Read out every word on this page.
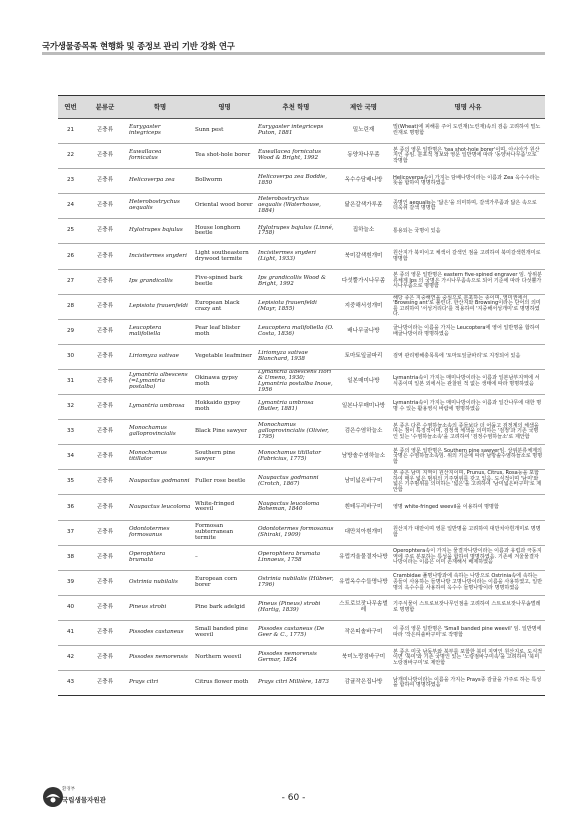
국가생물종목록 현행화 및 종정보 관리 기반 강화 연구
연번	분류군	학명	영명	추천 학명	제안 국명	명명 사유
21	곤충류	Eurygaster integriceps	Sunn pest	Eurygaster integriceps Puton, 1881	밀노린재	밀(Wheat)에 피해를 주어 도린재(노린재)속의 검음 고려하여 밀노린재로 명명함
22	곤충류	Euwallacea fornicatus	Tea shot-hole borer	Euwallacea fornicatus Wood & Bright, 1992	동양차나무좀	본 종의 영문 일반명은 'tea shot-hole borer'이며, 아시아가 원산지인 종임. 분포적 정보와 영문 일반명에 따라 '동양차나무좀'으로 작명함
23	곤충류	Helicoverpa zea	Bollworm	Helicoverpa zea Boddie, 1850	옥수수담배나방	Helicoverpa속이 가지는 담배나방이라는 이름과 Zea 옥수수라는 뜻을 합하여 명명하였음
24	곤충류	Heterobostrychus aequalis	Oriental wood borer	Heterobostrychus aequalis (Waterhouse, 1884)	닮은갈색가루좀	종명인 aequalis는 '닮은'을 의미하며, 갈색가루좀과 닮은 속으로 더욱쉬 갈색 명명함
25	곤충류	Hylotrupes bajulus	House longhorn beetle	Hylotrupes bajulus (Linné, 1758)	집하늘소	통용되는 국명이 있음
26	곤충류	Incisitermes snyderi	Light southeastern drywood termite	Incisitermes snyderi (Light, 1933)	북미갈색흰개미	원산지가 북미이고 체색이 갈색인 점을 고려하여 북미갈색흰개미로 명명함
27	곤충류	Ips grandicollis	Five-spined bark beetle	Ips grandicollis Wood & Bright, 1992	다섯뿔가시나무좀	본 종의 영문 일반명은 eastern five-spined engraver 임. 상위분류체계 Ips 의 국명은 가시나무좀속으로 되어 기준에 따라 다섯뿔가시나무좀으로 명명함
28	곤충류	Lepisiota frauenfeldi	European black crazy ant	Lepisiota frauenfeldi (Mayr, 1855)	지중해서성개미	해당 종은 지중해연을 중심으로 분포하는 종이며, 영미권에서 'Browsing ant'로 불린다. 한산지와 Browsing이라는 단어의 의미를 고려하여 '서성거리다'를 적용하여 '지중해서성개미'로 명명하였다.
29	곤충류	Leucoptera malifoliella	Pear leaf blister moth	Leucoptera malifoliella (O. Costa, 1836)	배나무굴나방	굴나방이라는 이름을 가지는 Leucoptera에 영어 일반명을 합하여 배굴나방이라 명명하였음
30	곤충류	Liriomyza sativae	Vegetable leafminer	Liriomyza sativae Blanchard, 1938	토마토잎굴파리	검역 관리병해충목록에 '토마토잎굴파리'로 지정되어 있음
31	곤충류	Lymantria albescens (=Lymantria postalba)	Okinawa gypsy moth	Lymantria albescens Hori & Umeno, 1930; Lymantria postalba Inoue, 1956	일본매미나방	Lymantria속이 가지는 매미나방이라는 이름과 일본남부지역에 서식종이며 일본 외에서는 관찰된 적 없는 생태에 따라 명명하였음
32	곤충류	Lymantria umbrosa	Hokkaido gypsy moth	Lymantria umbrosa (Butler, 1881)	일본나무매미나방	Lymantria속이 가지는 매미나방이라는 이름과 일간나무에 대한 명명 수 있는 활용영식 바람에 명명하였음
33	곤충류	Monochamus galloprovincialis	Black Pine sawyer	Monochamus galloprovincialis (Olivier, 1795)	검은수염하늘소	본 종은 다른 수염하늘소속의 종들보다 더 어둡고 검정계의 체색을 띠는 점이 특징적이며, 검정색 체색을 의미하는 '검정'과 기존 국명인 있는 '수염하늘소속'을 고려하여 '검정수염하늘소'로 제안함
34	곤충류	Monochamus titillator	Southern pine sawyer	Monochamus titillator (Fabricius, 1775)	남방솔수염하늘소	본 종의 영문 일반명은 Southern pine sawyer임. 상위분류체계의 국명은 수염하늘소속임. 위의 기준에 따라 남방솔수염하늘소로 명명함
35	곤충류	Naupactus godmanni	Fuller rose beetle	Naupactus godmanni (Crotch, 1867)	남미넓은바구미	본 종은 남미 지역이 원산지이며, Prunus, Citrus, Rosa등을 포함하여 매우 넓은 범위의 기주범위를 갖고 있음. 도식적이며 '남미'와 넓은 기주범위를 의미하는 '넓은'을 고려하여 '남미넓은바구미'로 제안함
36	곤충류	Naupactus leucoloma	White-fringed weevil	Naupactus leucoloma Boheman, 1840	흰테두리바구미	영명 white-fringed weevil을 이용하여 명명함
37	곤충류	Odontotermes formosanus	Formosan subterranean termite	Odontotermes formosanus (Shiraki, 1909)	대만치아흰개미	원산지가 대만이며 영문 일반명을 고려하여 대만치아흰개미로 명명함
38	곤충류	Operophtera brumata	–	Operophtera brumata Linnaeus, 1758	유럽겨울물결자나방	Operophtera속이 가지는 물결자나방이라는 이름과 유럽과 극동지역에 주로 분포하는 특성을 합하여 명명하였음. 기존에 겨울물결자나방이라는 이름은 이미 존재해서 배제하였음
39	곤충류	Ostrinia nubilalis	European corn borer	Ostrinia nubilalis (Hübner, 1796)	유럽옥수수들명나방	Crambidae 풀명나방과에 속하는 나방으로 Ostrinia속에 속하는 종들이 사용하는 들명나방 고명나방이라는 이름을 사용하였고, 일반명의 옥수수를 사용하여 옥수수 들명나방이라 명명하였음
40	곤충류	Pineus strobi	Pine bark adelgid	Pineus (Pineus) strobi (Hartig, 1839)	스트로브잣나무솜벌레	기주식물이 스트로브잣나무인점을 고려하여 스트로브잣나무솜벌레로 명명함
41	곤충류	Pissodes castaneus	Small banded pine weevil	Pissodes castaneus (De Geer & C., 1775)	작은띠솔바구미	이 종의 영문 일반명은 'Small banded pine weevil' 임. 일반명에 따라 '작은띠솔바구미'로 작명함
42	곤충류	Pissodes nemorensis	Northern weevil	Pissodes nemorensis Germar, 1824	북미노랑점바구미	본 종은 미국 남동부와 북부를 포함한 북미 지역인 원산지로, 도식적이면 '북미'와 기존 국명인 있는 '노랑점바구미속'을 고려하여 '북미노랑점바구미'로 제안함
43	곤충류	Prays citri	Citrus flower moth	Prays citri Millière, 1873	감귤작은집나방	남개미나방이라는 이름을 가지는 Prays종 감귤을 가주로 하는 특성을 합하여 명명하였음
환경부
국립생물자원관	- 60 -
